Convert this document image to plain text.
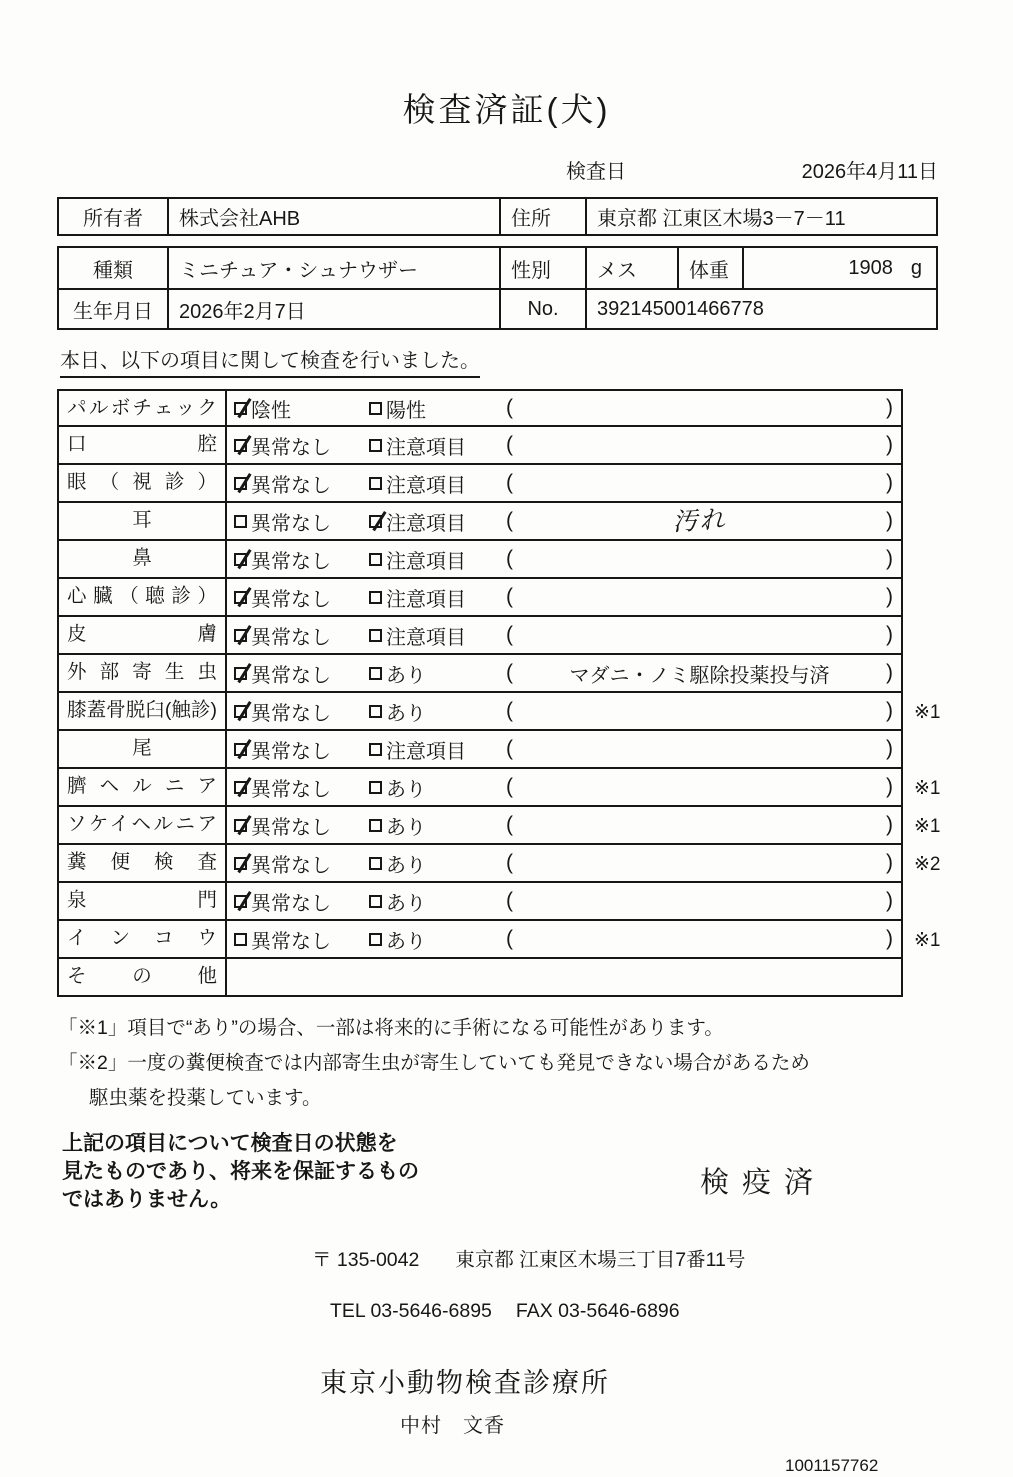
検査済証(犬)
検査日	2026年4月11日
所有者	株式会社AHB	住所	東京都 江東区木場3－7－11
種類	ミニチュア・シュナウザー	性別	メス	体重	1908 g
生年月日	2026年2月7日	No.	392145001466778
本日、以下の項目に関して検査を行いました。
パルボチェック	陰性	陽性	(	)
口腔	異常なし	注意項目 (	)
眼（視診）	異常なし	注意項目 (	)
耳	異常なし	注意項目 (	汚れ	)
鼻	異常なし	注意項目 (	)
心臓（聴診）	異常なし	注意項目 (	)
皮膚	異常なし	注意項目 (	)
外部寄生虫	異常なし	あり	(	マダニ・ノミ駆除投薬投与済	)
膝蓋骨脱臼(触診)	異常なし	あり	(	)	※1
尾	異常なし	注意項目 (	)
臍ヘルニア	異常なし	あり	(	)	※1
ソケイヘルニア	異常なし	あり	(	)	※1
糞便検査	異常なし	あり	(	)	※2
泉門	異常なし	あり	(	)
インコウ	異常なし	あり	(	)	※1
その他
「※1」項目で“あり”の場合、一部は将来的に手術になる可能性があります。
「※2」一度の糞便検査では内部寄生虫が寄生していても発見できない場合があるため
駆虫薬を投薬しています。
上記の項目について検査日の状態を
見たものであり、将来を保証するもの
ではありません。
検疫済
〒 135-0042 東京都 江東区木場三丁目7番11号
TEL 03-5646-6895 FAX 03-5646-6896
東京小動物検査診療所
中村　文香
1001157762
